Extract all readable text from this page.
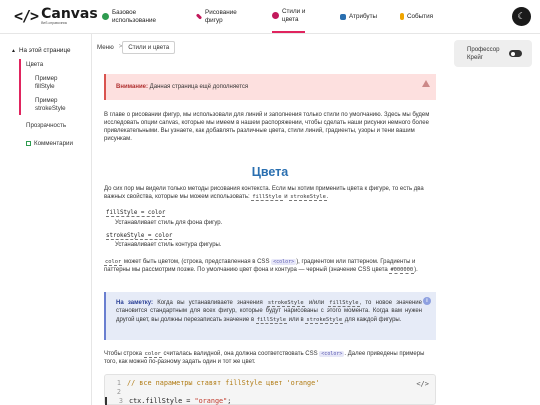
</> Canvas
Веб-справочник
Базовое
использование
Рисование
фигур
Стили и
цвета	Атрибуты	События	☾
▲ На этой странице
Цвета
Пример fillStyle
Пример strokeStyle
Прозрачность
Комментарии
Меню > Стили и цвета	Профессор
Крейг
Внимание: Данная страница ещё дополняется
В главе о рисовании фигур, мы использовали для линий и заполнения только стили по умолчанию. Здесь мы будем исследовать опции canvas, которые мы имеем в нашем распоряжении, чтобы сделать наши рисунки немного более привлекательными. Вы узнаете, как добавлять различные цвета, стили линий, градиенты, узоры и тени вашим рисункам.
Цвета
До сих пор мы видели только методы рисования контекста. Если мы хотим применить цвета к фигуре, то есть два важных свойства, которые мы можем использовать: fillStyle и strokeStyle.
fillStyle = color
Устанавливает стиль для фона фигур.
strokeStyle = color
Устанавливает стиль контура фигуры.
color может быть цветом, (строка, представленная в CSS <color> ), градиентом или паттерном. Градиенты и паттерны мы рассмотрим позже. По умолчанию цвет фона и контура — черный (значение CSS цвета #000000).
На заметку: Когда вы устанавливаете значения strokeStyle и/или fillStyle, то новое значение становится стандартным для всех фигур, которые будут нарисованы с этого момента. Когда вам нужен другой цвет, вы должны перезаписать значение в fillStyle или в strokeStyle для каждой фигуры.
i
Чтобы строка color считалась валидной, она должна соответствовать CSS <color> . Далее приведены примеры того, как можно по-разному задать один и тот же цвет.
1 // все параметры ставят fillStyle цвет 'orange'
2
3 ctx.fillStyle = "orange";
</>
